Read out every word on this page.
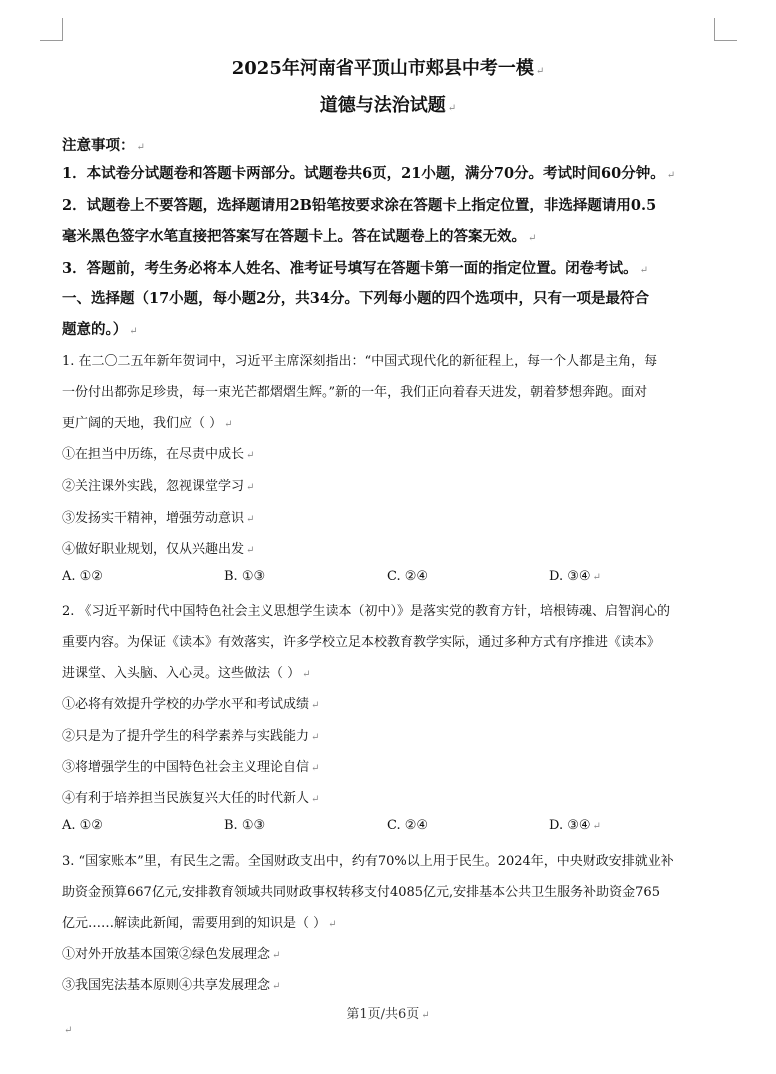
2025年河南省平顶山市郏县中考一模 ↵
道德与法治试题 ↵
注意事项： ↵
1．本试卷分试题卷和答题卡两部分。试题卷共6页，21小题，满分70分。考试时间60分钟。 ↵
2．试题卷上不要答题，选择题请用2B铅笔按要求涂在答题卡上指定位置，非选择题请用0.5
毫米黑色签字水笔直接把答案写在答题卡上。答在试题卷上的答案无效。 ↵
3．答题前，考生务必将本人姓名、准考证号填写在答题卡第一面的指定位置。闭卷考试。 ↵
一、选择题（17小题，每小题2分，共34分。下列每小题的四个选项中，只有一项是最符合
题意的。） ↵
1. 在二〇二五年新年贺词中，习近平主席深刻指出：“中国式现代化的新征程上，每一个人都是主角，每
一份付出都弥足珍贵，每一束光芒都熠熠生辉。”新的一年，我们正向着春天进发，朝着梦想奔跑。面对
更广阔的天地，我们应（ ） ↵
①在担当中历练，在尽责中成长 ↵
②关注课外实践，忽视课堂学习 ↵
③发扬实干精神，增强劳动意识 ↵
④做好职业规划，仅从兴趣出发 ↵
A. ①②	B. ①③	C. ②④	D. ③④ ↵
2. 《习近平新时代中国特色社会主义思想学生读本（初中）》是落实党的教育方针，培根铸魂、启智润心的
重要内容。为保证《读本》有效落实，许多学校立足本校教育教学实际，通过多种方式有序推进《读本》
进课堂、入头脑、入心灵。这些做法（ ） ↵
①必将有效提升学校的办学水平和考试成绩 ↵
②只是为了提升学生的科学素养与实践能力 ↵
③将增强学生的中国特色社会主义理论自信 ↵
④有利于培养担当民族复兴大任的时代新人 ↵
A. ①②	B. ①③	C. ②④	D. ③④ ↵
3. “国家账本”里，有民生之需。全国财政支出中，约有70%以上用于民生。2024年，中央财政安排就业补
助资金预算667亿元,安排教育领域共同财政事权转移支付4085亿元,安排基本公共卫生服务补助资金765
亿元……解读此新闻，需要用到的知识是（ ） ↵
①对外开放基本国策②绿色发展理念 ↵
③我国宪法基本原则④共享发展理念 ↵
第1页/共6页 ↵
↵
